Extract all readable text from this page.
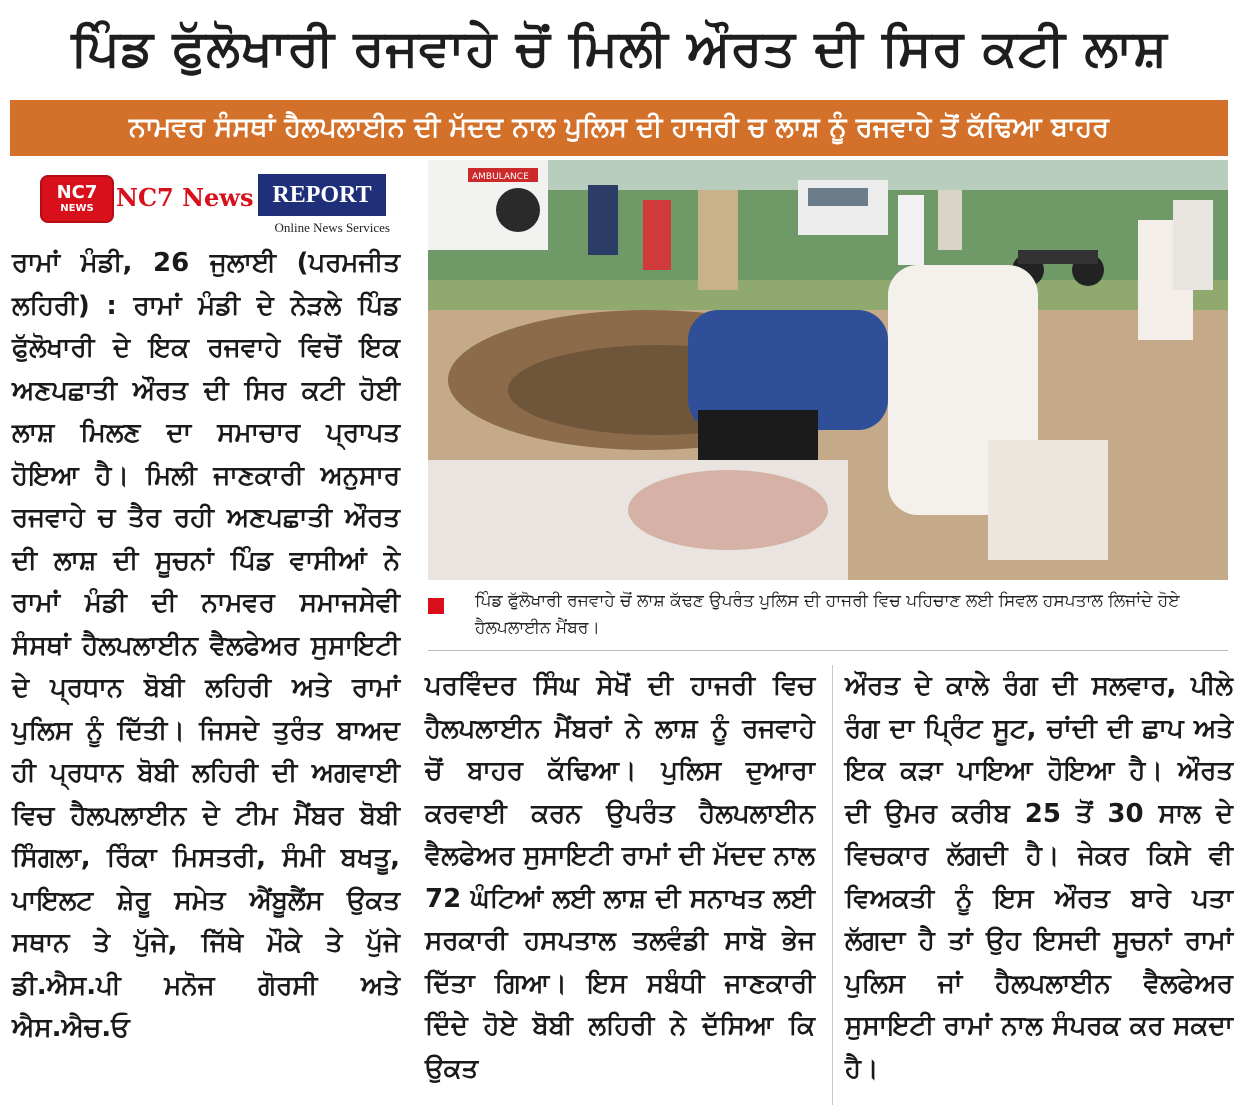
ਪਿੰਡ ਫੁੱਲੋਖਾਰੀ ਰਜਵਾਹੇ ਚੋਂ ਮਿਲੀ ਔਰਤ ਦੀ ਸਿਰ ਕਟੀ ਲਾਸ਼
ਨਾਮਵਰ ਸੰਸਥਾਂ ਹੈਲਪਲਾਈਨ ਦੀ ਮੱਦਦ ਨਾਲ ਪੁਲਿਸ ਦੀ ਹਾਜਰੀ ਚ ਲਾਸ਼ ਨੂੰ ਰਜਵਾਹੇ ਤੋਂ ਕੱਢਿਆ ਬਾਹਰ
NC7
NEWS NC7 News REPORT
Online News Services
ਰਾਮਾਂ ਮੰਡੀ, 26 ਜੁਲਾਈ (ਪਰਮਜੀਤ ਲਹਿਰੀ) : ਰਾਮਾਂ ਮੰਡੀ ਦੇ ਨੇੜਲੇ ਪਿੰਡ ਫੁੱਲੋਖਾਰੀ ਦੇ ਇਕ ਰਜਵਾਹੇ ਵਿਚੋਂ ਇਕ ਅਣਪਛਾਤੀ ਔਰਤ ਦੀ ਸਿਰ ਕਟੀ ਹੋਈ ਲਾਸ਼ ਮਿਲਣ ਦਾ ਸਮਾਚਾਰ ਪ੍ਰਾਪਤ ਹੋਇਆ ਹੈ। ਮਿਲੀ ਜਾਣਕਾਰੀ ਅਨੁਸਾਰ ਰਜਵਾਹੇ ਚ ਤੈਰ ਰਹੀ ਅਣਪਛਾਤੀ ਔਰਤ ਦੀ ਲਾਸ਼ ਦੀ ਸੂਚਨਾਂ ਪਿੰਡ ਵਾਸੀਆਂ ਨੇ ਰਾਮਾਂ ਮੰਡੀ ਦੀ ਨਾਮਵਰ ਸਮਾਜਸੇਵੀ ਸੰਸਥਾਂ ਹੈਲਪਲਾਈਨ ਵੈਲਫੇਅਰ ਸੁਸਾਇਟੀ ਦੇ ਪ੍ਰਧਾਨ ਬੋਬੀ ਲਹਿਰੀ ਅਤੇ ਰਾਮਾਂ ਪੁਲਿਸ ਨੂੰ ਦਿੱਤੀ। ਜਿਸਦੇ ਤੁਰੰਤ ਬਾਅਦ ਹੀ ਪ੍ਰਧਾਨ ਬੋਬੀ ਲਹਿਰੀ ਦੀ ਅਗਵਾਈ ਵਿਚ ਹੈਲਪਲਾਈਨ ਦੇ ਟੀਮ ਮੈਂਬਰ ਬੋਬੀ ਸਿੰਗਲਾ, ਰਿੰਕਾ ਮਿਸਤਰੀ, ਸੰਮੀ ਬਖਤੂ, ਪਾਇਲਟ ਸ਼ੇਰੂ ਸਮੇਤ ਐਂਬੂਲੈਂਸ ਉਕਤ ਸਥਾਨ ਤੇ ਪੁੱਜੇ, ਜਿੱਥੇ ਮੌਕੇ ਤੇ ਪੁੱਜੇ ਡੀ.ਐਸ.ਪੀ ਮਨੋਜ ਗੋਰਸੀ ਅਤੇ ਐਸ.ਐਚ.ਓ
AMBULANCE
ਪਿੰਡ ਫੁੱਲੋਖਾਰੀ ਰਜਵਾਹੇ ਚੋਂ ਲਾਸ਼ ਕੱਢਣ ਉਪਰੰਤ ਪੁਲਿਸ ਦੀ ਹਾਜਰੀ ਵਿਚ ਪਹਿਚਾਣ ਲਈ ਸਿਵਲ ਹਸਪਤਾਲ ਲਿਜਾਂਦੇ ਹੋਏ ਹੈਲਪਲਾਈਨ ਮੈਂਬਰ।
ਪਰਵਿੰਦਰ ਸਿੰਘ ਸੇਖੋਂ ਦੀ ਹਾਜਰੀ ਵਿਚ ਹੈਲਪਲਾਈਨ ਮੈਂਬਰਾਂ ਨੇ ਲਾਸ਼ ਨੂੰ ਰਜਵਾਹੇ ਚੋਂ ਬਾਹਰ ਕੱਢਿਆ। ਪੁਲਿਸ ਦੁਆਰਾ ਕਰਵਾਈ ਕਰਨ ਉਪਰੰਤ ਹੈਲਪਲਾਈਨ ਵੈਲਫੇਅਰ ਸੁਸਾਇਟੀ ਰਾਮਾਂ ਦੀ ਮੱਦਦ ਨਾਲ 72 ਘੰਟਿਆਂ ਲਈ ਲਾਸ਼ ਦੀ ਸਨਾਖਤ ਲਈ ਸਰਕਾਰੀ ਹਸਪਤਾਲ ਤਲਵੰਡੀ ਸਾਬੋ ਭੇਜ ਦਿੱਤਾ ਗਿਆ। ਇਸ ਸਬੰਧੀ ਜਾਣਕਾਰੀ ਦਿੰਦੇ ਹੋਏ ਬੋਬੀ ਲਹਿਰੀ ਨੇ ਦੱਸਿਆ ਕਿ ਉਕਤ
ਔਰਤ ਦੇ ਕਾਲੇ ਰੰਗ ਦੀ ਸਲਵਾਰ, ਪੀਲੇ ਰੰਗ ਦਾ ਪ੍ਰਿੰਟ ਸੂਟ, ਚਾਂਦੀ ਦੀ ਛਾਪ ਅਤੇ ਇਕ ਕੜਾ ਪਾਇਆ ਹੋਇਆ ਹੈ। ਔਰਤ ਦੀ ਉਮਰ ਕਰੀਬ 25 ਤੋਂ 30 ਸਾਲ ਦੇ ਵਿਚਕਾਰ ਲੱਗਦੀ ਹੈ। ਜੇਕਰ ਕਿਸੇ ਵੀ ਵਿਅਕਤੀ ਨੂੰ ਇਸ ਔਰਤ ਬਾਰੇ ਪਤਾ ਲੱਗਦਾ ਹੈ ਤਾਂ ਉਹ ਇਸਦੀ ਸੂਚਨਾਂ ਰਾਮਾਂ ਪੁਲਿਸ ਜਾਂ ਹੈਲਪਲਾਈਨ ਵੈਲਫੇਅਰ ਸੁਸਾਇਟੀ ਰਾਮਾਂ ਨਾਲ ਸੰਪਰਕ ਕਰ ਸਕਦਾ ਹੈ।
